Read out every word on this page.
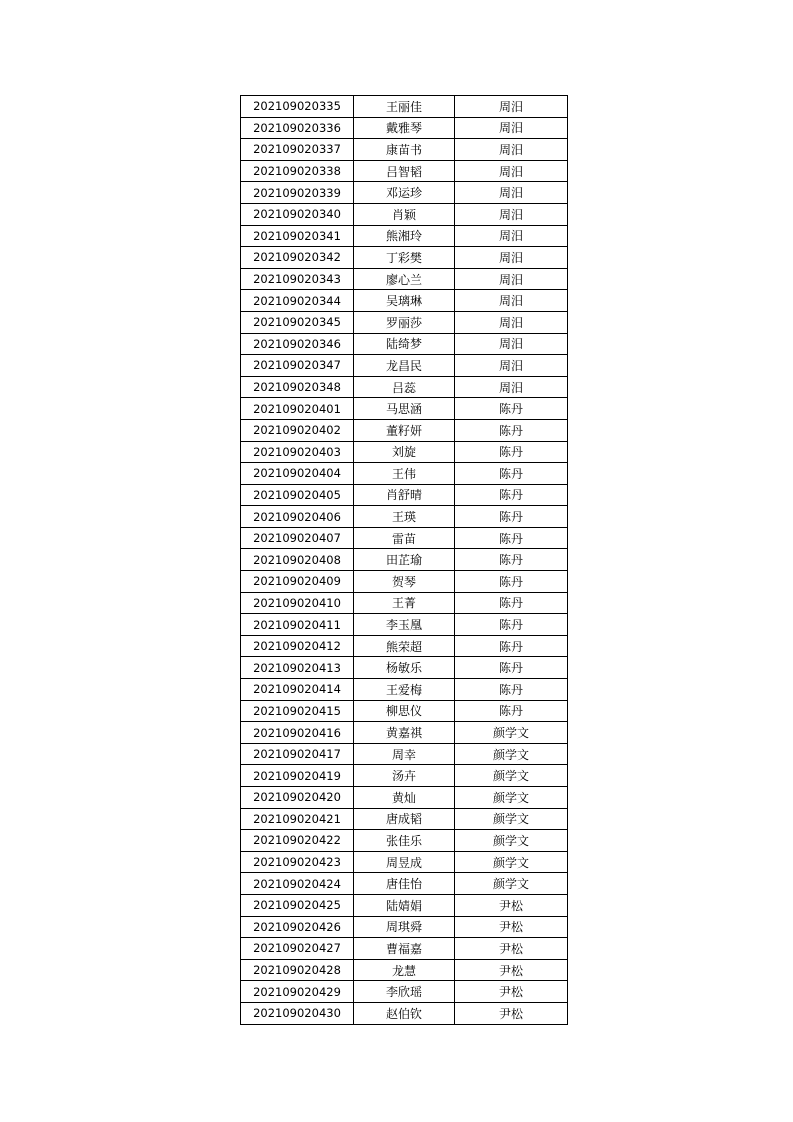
202109020335	王丽佳	周汨
202109020336	戴雅琴	周汨
202109020337	康苗书	周汨
202109020338	吕智韬	周汨
202109020339	邓运珍	周汨
202109020340	肖颖	周汨
202109020341	熊湘玲	周汨
202109020342	丁彩樊	周汨
202109020343	廖心兰	周汨
202109020344	吴璃琳	周汨
202109020345	罗丽莎	周汨
202109020346	陆绮梦	周汨
202109020347	龙昌民	周汨
202109020348	吕蕊	周汨
202109020401	马思涵	陈丹
202109020402	董籽妍	陈丹
202109020403	刘旋	陈丹
202109020404	王伟	陈丹
202109020405	肖舒晴	陈丹
202109020406	王瑛	陈丹
202109020407	雷苗	陈丹
202109020408	田芷瑜	陈丹
202109020409	贺琴	陈丹
202109020410	王菁	陈丹
202109020411	李玉凰	陈丹
202109020412	熊荣超	陈丹
202109020413	杨敏乐	陈丹
202109020414	王爱梅	陈丹
202109020415	柳思仪	陈丹
202109020416	黄嘉祺	颜学文
202109020417	周幸	颜学文
202109020419	汤卉	颜学文
202109020420	黄灿	颜学文
202109020421	唐成韬	颜学文
202109020422	张佳乐	颜学文
202109020423	周昱成	颜学文
202109020424	唐佳怡	颜学文
202109020425	陆婧娟	尹松
202109020426	周琪舜	尹松
202109020427	曹福嘉	尹松
202109020428	龙慧	尹松
202109020429	李欣瑶	尹松
202109020430	赵伯钦	尹松
